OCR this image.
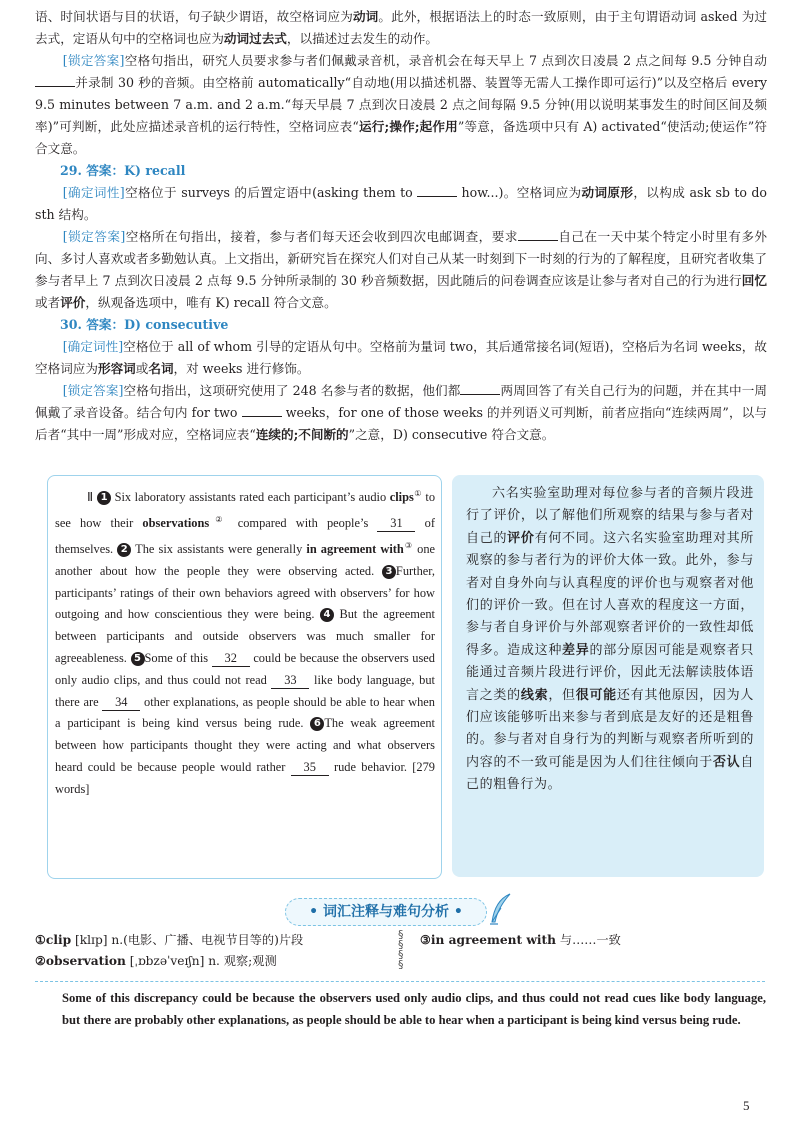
语、时间状语与目的状语，句子缺少谓语，故空格词应为动词。此外，根据语法上的时态一致原则，由于主句谓语动词 asked 为过去式，定语从句中的空格词也应为动词过去式，以描述过去发生的动作。
[锁定答案]空格句指出，研究人员要求参与者们佩戴录音机，录音机会在每天早上 7 点到次日凌晨 2 点之间每 9.5 分钟自动并录制 30 秒的音频。由空格前 automatically“自动地(用以描述机器、装置等无需人工操作即可运行)”以及空格后 every 9.5 minutes between 7 a.m. and 2 a.m.“每天早晨 7 点到次日凌晨 2 点之间每隔 9.5 分钟(用以说明某事发生的时间区间及频率)”可判断，此处应描述录音机的运行特性，空格词应表“运行;操作;起作用”等意，备选项中只有 A) activated“使活动;使运作”符合文意。
29. 答案：K) recall
[确定词性]空格位于 surveys 的后置定语中(asking them to	how...)。空格词应为动词原形，以构成 ask sb to do sth 结构。
[锁定答案]空格所在句指出，接着，参与者们每天还会收到四次电邮调查，要求	自己在一天中某个特定小时里有多外向、多讨人喜欢或者多勤勉认真。上文指出，新研究旨在探究人们对自己从某一时刻到下一时刻的行为的了解程度，且研究者收集了参与者早上 7 点到次日凌晨 2 点每 9.5 分钟所录制的 30 秒音频数据，因此随后的问卷调查应该是让参与者对自己的行为进行回忆或者评价，纵观备选项中，唯有 K) recall 符合文意。
30. 答案：D) consecutive
[确定词性]空格位于 all of whom 引导的定语从句中。空格前为量词 two，其后通常接名词(短语)，空格后为名词 weeks，故空格词应为形容词或名词，对 weeks 进行修饰。
[锁定答案]空格句指出，这项研究使用了 248 名参与者的数据，他们都	两周回答了有关自己行为的问题，并在其中一周佩戴了录音设备。结合句内 for two	weeks，for one of those weeks 的并列语义可判断，前者应指向“连续两周”，以与后者“其中一周”形成对应，空格词应表“连续的;不间断的”之意，D) consecutive 符合文意。
Ⅱ 1 Six laboratory assistants rated each participant’s audio clips① to see how their observations② compared with people’s 31 of themselves. 2 The six assistants were generally in agreement with③ one another about how the people they were observing acted. 3 Further, participants’ ratings of their own behaviors agreed with observers’ for how outgoing and how conscientious they were being. 4 But the agreement between participants and outside observers was much smaller for agreeableness. 5 Some of this 32 could be because the observers used only audio clips, and thus could not read 33 like body language, but there are 34 other explanations, as people should be able to hear when a participant is being kind versus being rude. 6 The weak agreement between how participants thought they were acting and what observers heard could be because people would rather 35 rude behavior. [279 words]
六名实验室助理对每位参与者的音频片段进行了评价，以了解他们所观察的结果与参与者对自己的评价有何不同。这六名实验室助理对其所观察的参与者行为的评价大体一致。此外，参与者对自身外向与认真程度的评价也与观察者对他们的评价一致。但在讨人喜欢的程度这一方面，参与者自身评价与外部观察者评价的一致性却低得多。造成这种差异的部分原因可能是观察者只能通过音频片段进行评价，因此无法解读肢体语言之类的线索，但很可能还有其他原因，因为人们应该能够听出来参与者到底是友好的还是粗鲁的。参与者对自身行为的判断与观察者所听到的内容的不一致可能是因为人们往往倾向于否认自己的粗鲁行为。
• 词汇注释与难句分析 •
①clip [klɪp] n.(电影、广播、电视节目等的)片段
②observation [ˌɒbzəˈveɪʃn] n. 观察;观测
§
§
§
§
③in agreement with 与……一致
Some of this discrepancy could be because the observers used only audio clips, and thus could not read cues like body language, but there are probably other explanations, as people should be able to hear when a participant is being kind versus being rude.
5
